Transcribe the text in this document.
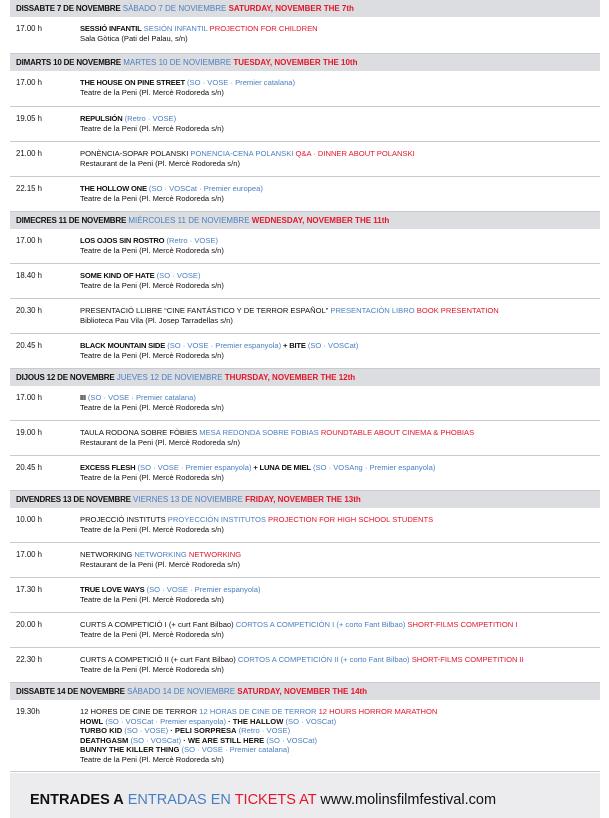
DISSABTE 7 DE NOVEMBRE SÀBADO 7 DE NOVIEMBRE SATURDAY, NOVEMBER THE 7th
17.00 h	SESSIÓ INFANTIL SESIÓN INFANTIL PROJECTION FOR CHILDREN
Sala Gòtica (Pati del Palau, s/n)
DIMARTS 10 DE NOVEMBRE MARTES 10 DE NOVIEMBRE TUESDAY, NOVEMBER THE 10th
17.00 h	THE HOUSE ON PINE STREET (SO · VOSE · Premier catalana)
Teatre de la Peni (Pl. Mercè Rodoreda s/n)
19.05 h	REPULSIÓN (Retro · VOSE)
Teatre de la Peni (Pl. Mercè Rodoreda s/n)
21.00 h	PONÈNCIA-SOPAR POLANSKI PONENCIA-CENA POLANSKI Q&A · DINNER ABOUT POLANSKI
Restaurant de la Peni (Pl. Mercè Rodoreda s/n)
22.15 h	THE HOLLOW ONE (SO · VOSCat · Premier europea)
Teatre de la Peni (Pl. Mercè Rodoreda s/n)
DIMECRES 11 DE NOVEMBRE MIÉRCOLES 11 DE NOVIEMBRE WEDNESDAY, NOVEMBER THE 11th
17.00 h	LOS OJOS SIN ROSTRO (Retro · VOSE)
Teatre de la Peni (Pl. Mercè Rodoreda s/n)
18.40 h	SOME KIND OF HATE (SO · VOSE)
Teatre de la Peni (Pl. Mercè Rodoreda s/n)
20.30 h	PRESENTACIÓ LLIBRE “CINE FANTÁSTICO Y DE TERROR ESPAÑOL” PRESENTACIÓN LIBRO BOOK PRESENTATION
Biblioteca Pau Vila (Pl. Josep Tarradellas s/n)
20.45 h	BLACK MOUNTAIN SIDE (SO · VOSE · Premier espanyola) + BITE (SO · VOSCat)
Teatre de la Peni (Pl. Mercè Rodoreda s/n)
DIJOUS 12 DE NOVEMBRE JUEVES 12 DE NOVIEMBRE THURSDAY, NOVEMBER THE 12th
17.00 h	III (SO · VOSE · Premier catalana)
Teatre de la Peni (Pl. Mercè Rodoreda s/n)
19.00 h	TAULA RODONA SOBRE FÒBIES MESA REDONDA SOBRE FOBIAS ROUNDTABLE ABOUT CINEMA & PHOBIAS
Restaurant de la Peni (Pl. Mercè Rodoreda s/n)
20.45 h	EXCESS FLESH (SO · VOSE · Premier espanyola) + LUNA DE MIEL (SO · VOSAng · Premier espanyola)
Teatre de la Peni (Pl. Mercè Rodoreda s/n)
DIVENDRES 13 DE NOVEMBRE VIERNES 13 DE NOVIEMBRE FRIDAY, NOVEMBER THE 13th
10.00 h	PROJECCIÓ INSTITUTS PROYECCIÓN INSTITUTOS PROJECTION FOR HIGH SCHOOL STUDENTS
Teatre de la Peni (Pl. Mercè Rodoreda s/n)
17.00 h	NETWORKING NETWORKING NETWORKING
Restaurant de la Peni (Pl. Mercè Rodoreda s/n)
17.30 h	TRUE LOVE WAYS (SO · VOSE · Premier espanyola)
Teatre de la Peni (Pl. Mercè Rodoreda s/n)
20.00 h	CURTS A COMPETICIÓ I (+ curt Fant Bilbao) CORTOS A COMPETICIÓN I (+ corto Fant Bilbao) SHORT-FILMS COMPETITION I
Teatre de la Peni (Pl. Mercè Rodoreda s/n)
22.30 h	CURTS A COMPETICIÓ II (+ curt Fant Bilbao) CORTOS A COMPETICIÓN II (+ corto Fant Bilbao) SHORT-FILMS COMPETITION II
Teatre de la Peni (Pl. Mercè Rodoreda s/n)
DISSABTE 14 DE NOVEMBRE SÀBADO 14 DE NOVIEMBRE SATURDAY, NOVEMBER THE 14th
19.30h	12 HORES DE CINE DE TERROR 12 HORAS DE CINE DE TERROR 12 HOURS HORROR MARATHON
HOWL (SO · VOSCat · Premier espanyola) · THE HALLOW (SO · VOSCat)
TURBO KID (SO · VOSE) · PELI SORPRESA (Retro · VOSE)
DEATHGASM (SO · VOSCat) · WE ARE STILL HERE (SO · VOSCat)
BUNNY THE KILLER THING (SO · VOSE · Premier catalana)
Teatre de la Peni (Pl. Mercè Rodoreda s/n)
ENTRADES A ENTRADAS EN TICKETS AT www.molinsfilmfestival.com
